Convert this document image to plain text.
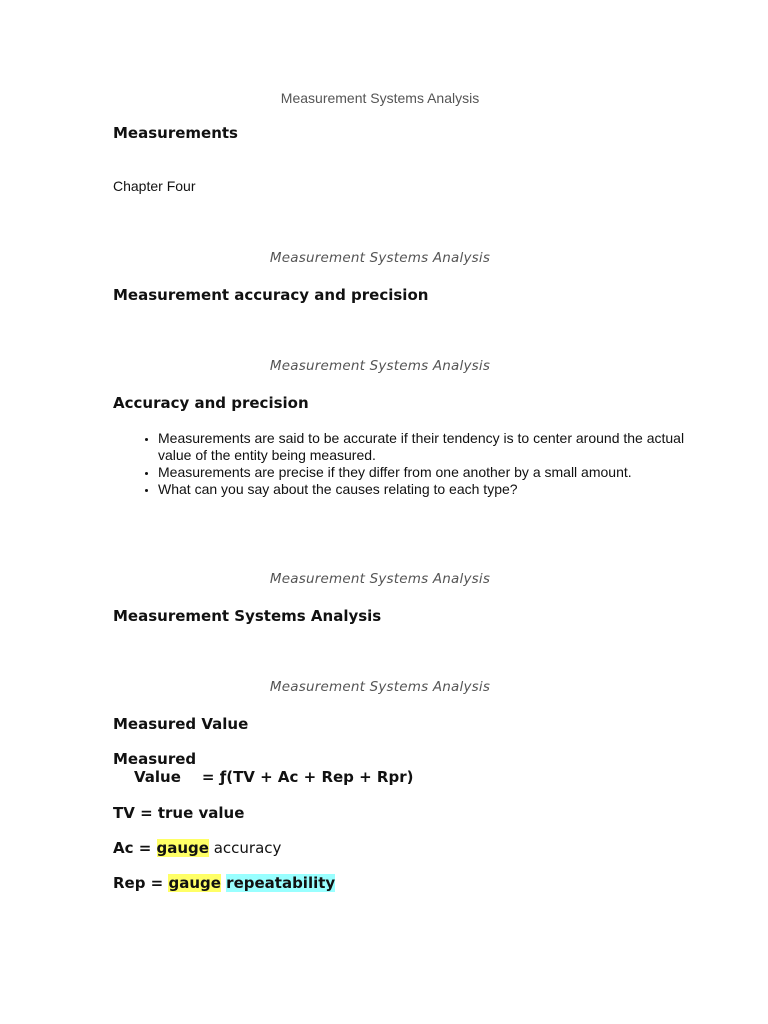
Measurement Systems Analysis
Measurements
Chapter Four
Measurement Systems Analysis
Measurement accuracy and precision
Measurement Systems Analysis
Accuracy and precision
• Measurements are said to be accurate if their tendency is to center around the actual value of the entity being measured.
• Measurements are precise if they differ from one another by a small amount.
• What can you say about the causes relating to each type?
Measurement Systems Analysis
Measurement Systems Analysis
Measurement Systems Analysis
Measured Value
Measured
Value = ƒ(TV + Ac + Rep + Rpr)
TV = true value
Ac = gauge accuracy
Rep = gauge repeatability
